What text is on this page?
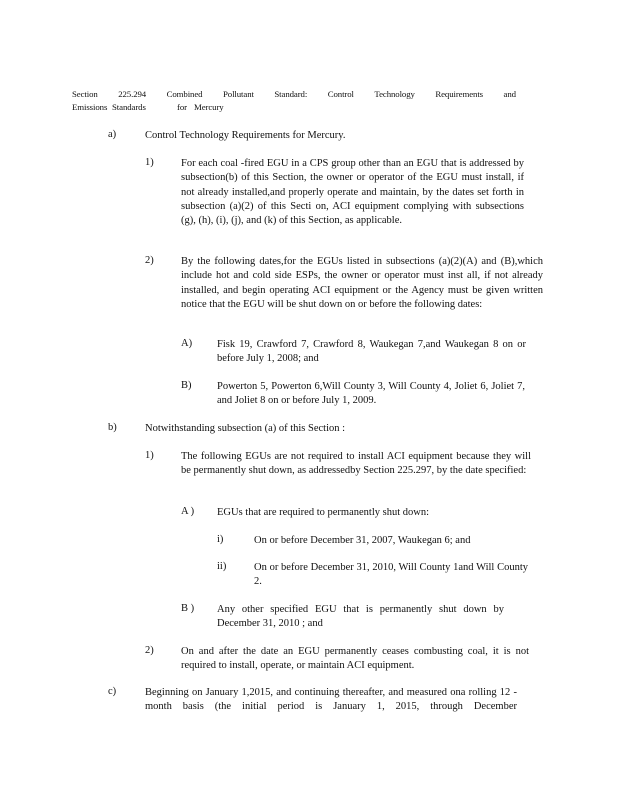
Section 225.294 Combined Pollutant Standard: Control Technology Requirements and
Emissions Standards	for Mercury
a)	Control Technology Requirements for Mercury.
1)	For each coal -fired EGU in a CPS group other than an EGU that is addressed by subsection(b) of this Section, the owner or operator of the EGU must install, if not already installed,and properly operate and maintain, by the dates set forth in subsection (a)(2) of this Secti on, ACI equipment complying with subsections (g), (h), (i), (j), and (k) of this Section, as applicable.
2)	By the following dates,for the EGUs listed in subsections (a)(2)(A) and (B),which include hot and cold side ESPs, the owner or operator must inst all, if not already installed, and begin operating ACI equipment or the Agency must be given written notice that the EGU will be shut down on or before the following dates:
A) Fisk 19, Crawford 7, Crawford 8, Waukegan 7,and Waukegan 8 on or before July 1, 2008; and
B) Powerton 5, Powerton 6,Will County 3, Will County 4, Joliet 6, Joliet 7, and Joliet 8 on or before July 1, 2009.
b)	Notwithstanding subsection (a) of this Section :
1)	The following EGUs are not required to install ACI equipment because they will be permanently shut down, as addressedby Section 225.297, by the date specified:
A ) EGUs that are required to permanently shut down:
i)	On or before December 31, 2007, Waukegan 6; and
ii)	On or before December 31, 2010, Will County 1and Will County 2.
B ) Any other specified EGU that is permanently shut down by December 31, 2010 ; and
2)	On and after the date an EGU permanently ceases combusting coal, it is not required to install, operate, or maintain ACI equipment.
c)	Beginning on January 1,2015, and continuing thereafter, and measured ona rolling 12 -month basis (the initial period is January 1, 2015, through December
